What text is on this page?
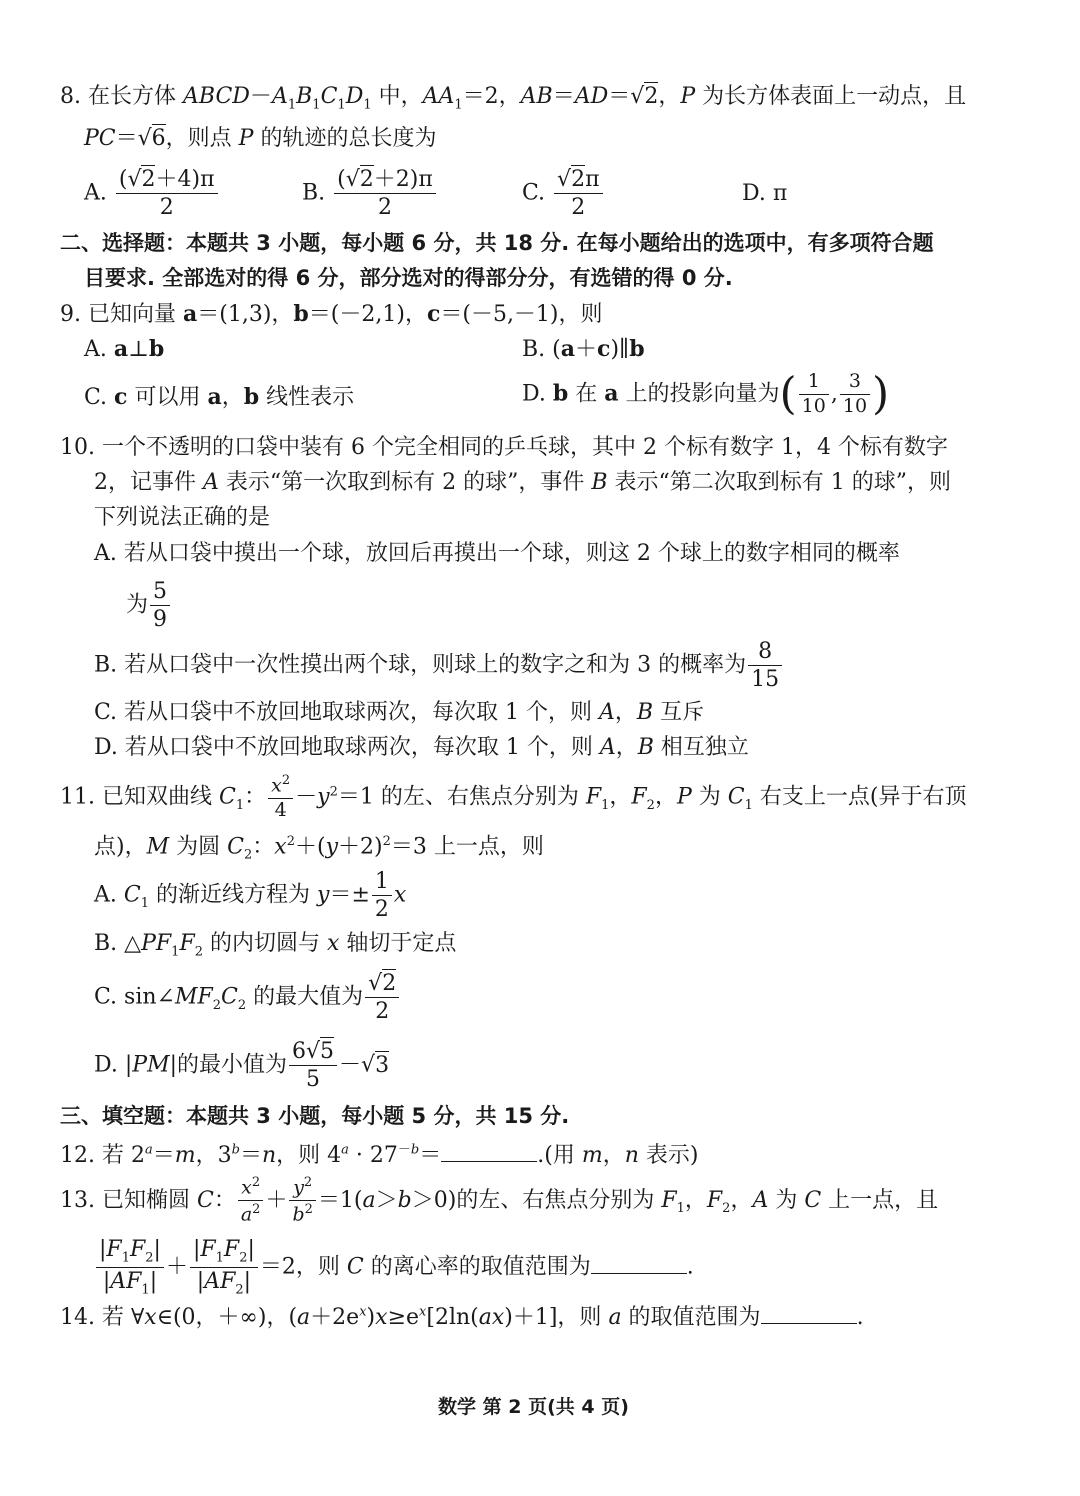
8. 在长方体 $ABCD-A_1B_1C_1D_1$ 中，$AA_1=2$，AB＝AD＝√2，P 为长方体表面上一动点，且
PC＝√6，则点 P 的轨迹的总长度为
A. $\frac{(√2+4)\pi}{2}$	B. $\frac{(√2+2)\pi}{2}$	C. $\frac{√2\pi}{2}$	D. π
二、选择题：本题共 3 小题，每小题 6 分，共 18 分. 在每小题给出的选项中，有多项符合题
目要求. 全部选对的得 6 分，部分选对的得部分分，有选错的得 0 分.
9. 已知向量 a＝(1,3)，b＝(－2,1)，c＝(－5,－1)，则
A. a⊥b	B. (a＋c)∥b
C. c 可以用 a，b 线性表示	D. b 在 a 上的投影向量为( $\frac{1}{10}$ , $\frac{3}{10}$ )
10. 一个不透明的口袋中装有 6 个完全相同的乒乓球，其中 2 个标有数字 1，4 个标有数字
2，记事件 A 表示“第一次取到标有 2 的球”，事件 B 表示“第二次取到标有 1 的球”，则
下列说法正确的是
A. 若从口袋中摸出一个球，放回后再摸出一个球，则这 2 个球上的数字相同的概率
为 $\frac{5}{9}$
B. 若从口袋中一次性摸出两个球，则球上的数字之和为 3 的概率为 $\frac{8}{15}$
C. 若从口袋中不放回地取球两次，每次取 1 个，则 A，B 互斥
D. 若从口袋中不放回地取球两次，每次取 1 个，则 A，B 相互独立
11. 已知双曲线 $C_1$： $\frac{x^2}{4} -y^2=1$ 的左、右焦点分别为 $F_1$，$F_2$，P 为 $C_1$ 右支上一点(异于右顶
点)，M 为圆 $C_2$：$x^2+(y+2)^2=3$ 上一点，则
A. $C_1$ 的渐近线方程为 $y=\pm \frac{1}{2}$ x
B. $\triangle PF_1F_2$ 的内切圆与 x 轴切于定点
C. $\sin\angle MF_2C_2$ 的最大值为 $\frac{√2}{2}$
D. |PM|的最小值为 $\frac{6√5}{5} -√3$
三、填空题：本题共 3 小题，每小题 5 分，共 15 分.
12. 若 $2^a=m$，$3^b=n$，则 $4^a \cdot 27^{-b}=$	.(用 m，n 表示)
13. 已知椭圆 C： $\frac{x^2}{a^2} + \frac{y^2}{b^2} =1(a>b>0)$的左、右焦点分别为 $F_1$，$F_2$，A 为 C 上一点，且
$\frac{|F_1F_2|}{|AF_1|} + \frac{|F_1F_2|}{|AF_2|} =2$，则 C 的离心率的取值范围为	.
14. 若 ∀x∈(0，＋∞)，$(a+2e^x)x\ge e^x[2\ln(ax)+1]$，则 a 的取值范围为	.
数学 第 2 页(共 4 页)
